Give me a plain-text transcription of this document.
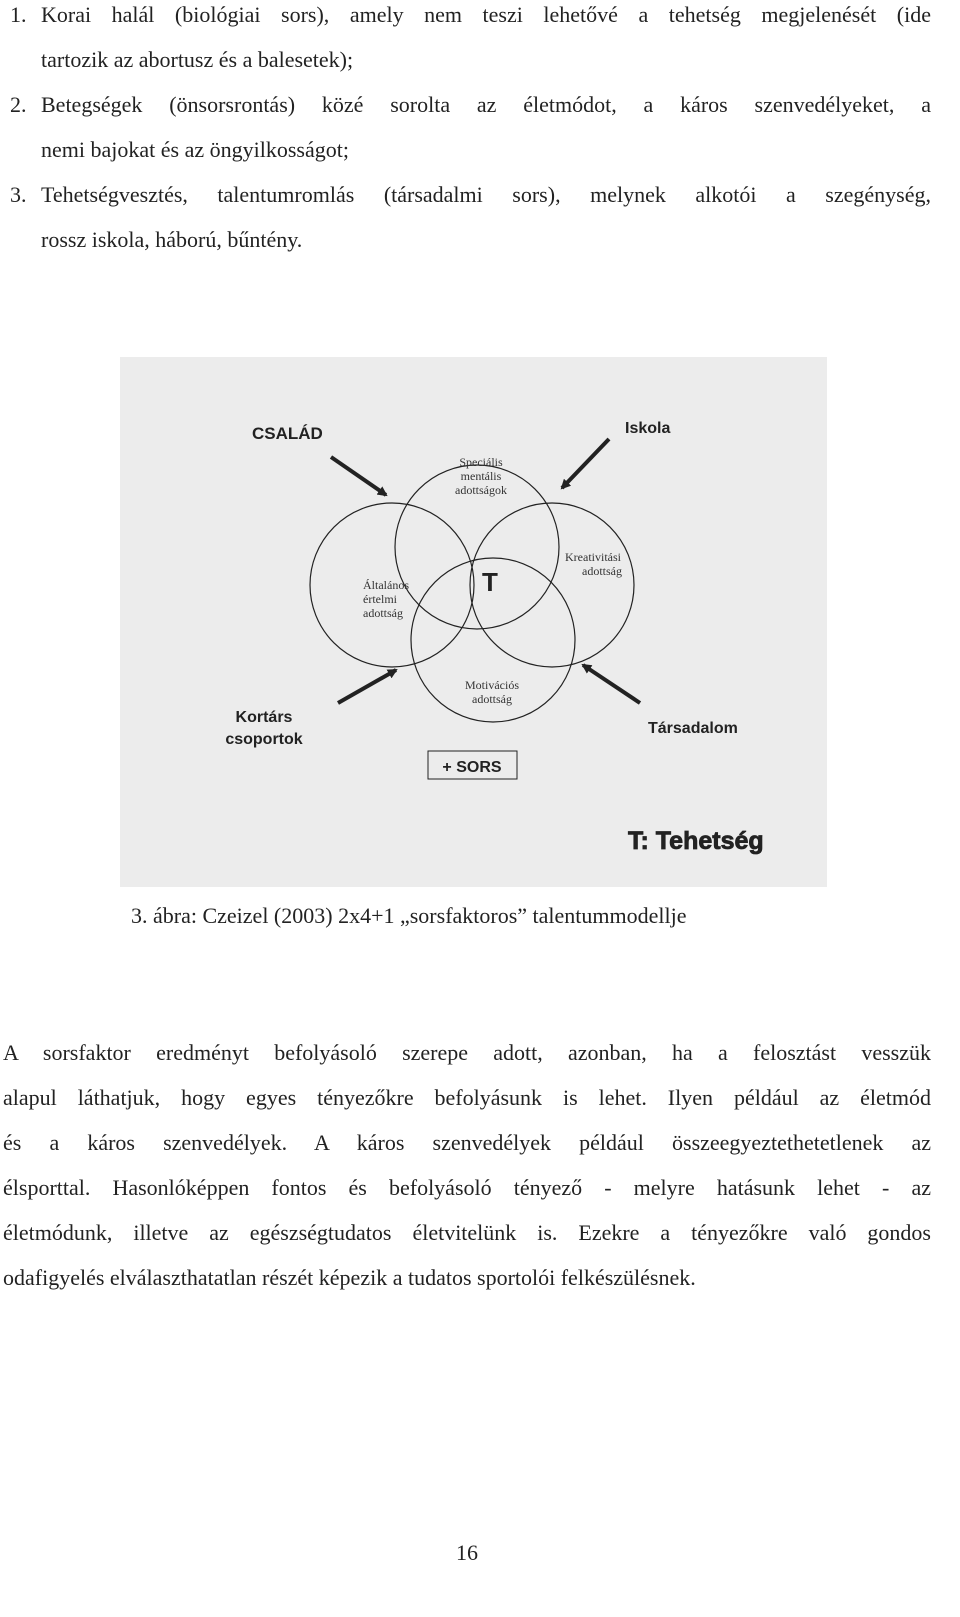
1. Korai halál (biológiai sors), amely nem teszi lehetővé a tehetség megjelenését (ide
tartozik az abortusz és a balesetek);
2. Betegségek (önsorsrontás) közé sorolta az életmódot, a káros szenvedélyeket, a
nemi bajokat és az öngyilkosságot;
3. Tehetségvesztés, talentumromlás (társadalmi sors), melynek alkotói a szegénység,
rossz iskola, háború, bűntény.
CSALÁD	Iskola
Speciális
mentális
adottságok
Általános
értelmi
adottság
Kreativitási
adottság
T
Motivációs
adottság
Kortárs
csoportok
Társadalom
+ SORS
T: Tehetség
3. ábra: Czeizel (2003) 2x4+1 „sorsfaktoros” talentummodellje
A sorsfaktor eredményt befolyásoló szerepe adott, azonban, ha a felosztást vesszük
alapul láthatjuk, hogy egyes tényezőkre befolyásunk is lehet. Ilyen például az életmód
és a káros szenvedélyek. A káros szenvedélyek például összeegyeztethetetlenek az
élsporttal. Hasonlóképpen fontos és befolyásoló tényező - melyre hatásunk lehet - az
életmódunk, illetve az egészségtudatos életvitelünk is. Ezekre a tényezőkre való gondos
odafigyelés elválaszthatatlan részét képezik a tudatos sportolói felkészülésnek.
16
